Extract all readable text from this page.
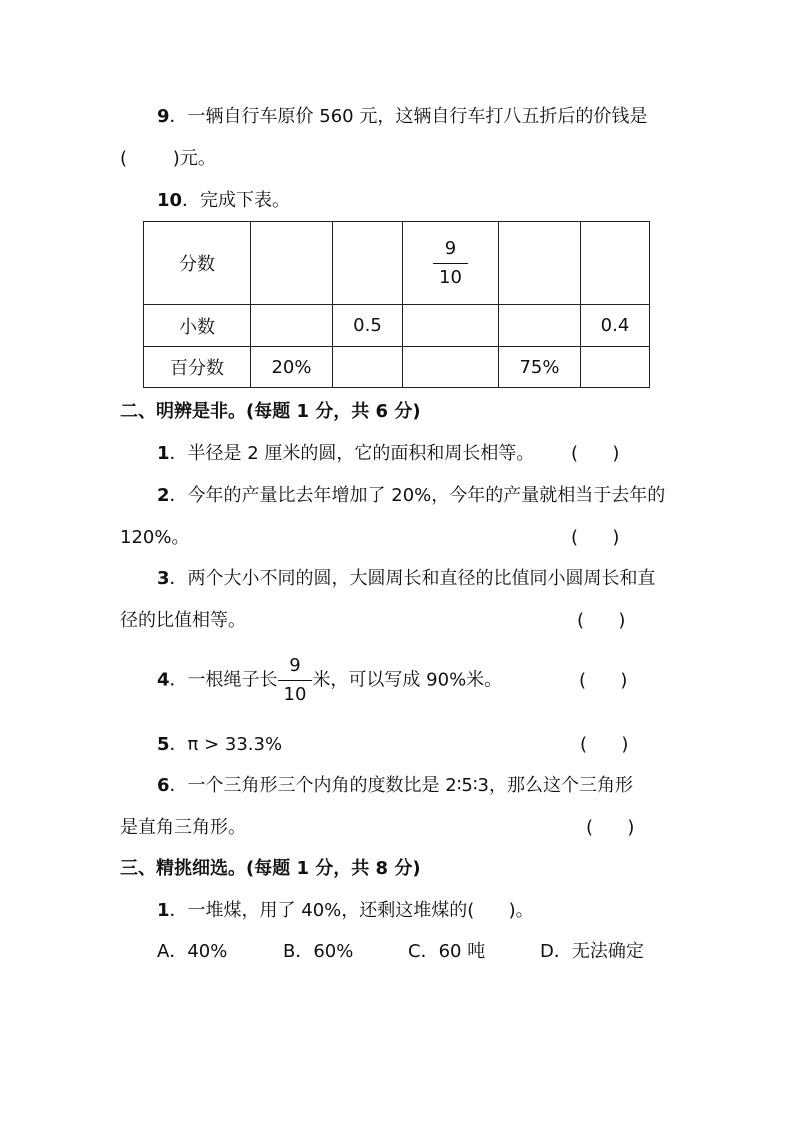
9．一辆自行车原价 560 元，这辆自行车打八五折后的价钱是
(        )元。
10．完成下表。
分数			$\frac{9}{10}$

小数		0.5			0.4
百分数	20%			75%	
二、明辨是非。(每题 1 分，共 6 分)
1．半径是 2 厘米的圆，它的面积和周长相等。 (      )
2．今年的产量比去年增加了 20%，今年的产量就相当于去年的
120%。	(      )
3．两个大小不同的圆，大圆周长和直径的比值同小圆周长和直
径的比值相等。	(      )
4．一根绳子长 $\frac{9}{10}$ 米，可以写成 90%米。	(      )
5．π > 33.3%	(      )
6．一个三角形三个内角的度数比是 2∶5∶3，那么这个三角形
是直角三角形。	(      )
三、精挑细选。(每题 1 分，共 8 分)
1．一堆煤，用了 40%，还剩这堆煤的(      )。
A．40%	B．60%	C．60 吨	D．无法确定
